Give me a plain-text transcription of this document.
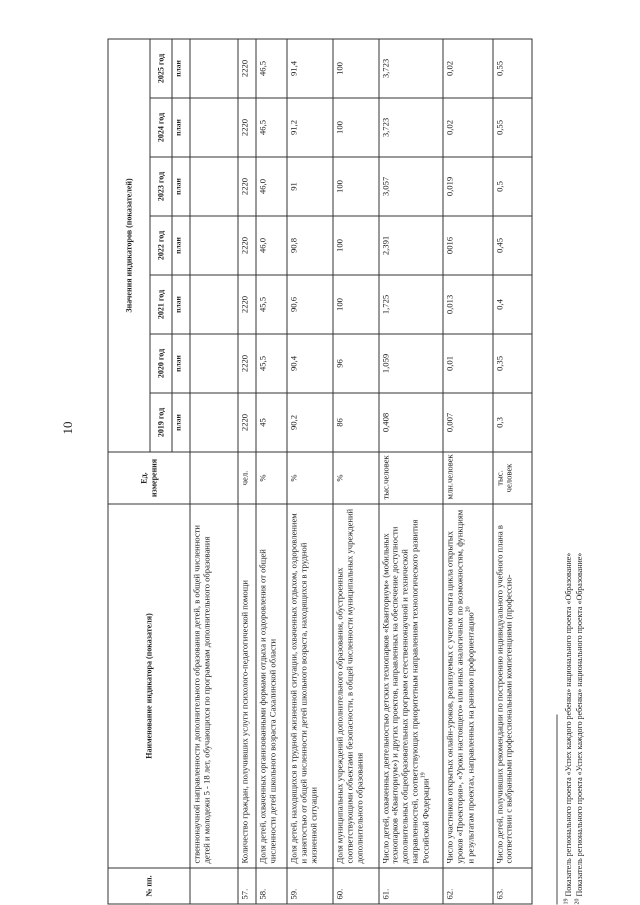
10
№ пп.	Наименование индикатора (показателя)	Ед. измерения	Значения индикаторов (показателей)						
			2019 год	2020 год	2021 год	2022 год	2023 год	2024 год	2025 год
			план	план	план	план	план	план	план
	ственнонаучной направленности дополнительного образования детей, в общей численности детей и молодежи 5 - 18 лет, обучающихся по программам дополнительного образования								
57.	Количество граждан, получивших услуги психолого-педагогической помощи	чел.	2220	2220	2220	2220	2220	2220	2220
58.	Доля детей, охваченных организованными формами отдыха и оздоровления от общей численности детей школьного возраста Сахалинской области	%	45	45,5	45,5	46,0	46,0	46,5	46,5
59.	Доля детей, находящихся в трудной жизненной ситуации, охваченных отдыхом, оздоровлением и занятостью от общей численности детей школьного возраста, находящихся в трудной жизненной ситуации	%	90,2	90,4	90,6	90,8	91	91,2	91,4
60.	Доля муниципальных учреждений дополнительного образования, обустроенных соответствующими объектами безопасности, в общей численности муниципальных учреждений дополнительного образования	%	86	96	100	100	100	100	100
61.	Число детей, охваченных деятельностью детских технопарков «Кванториум» (мобильных технопарков «Кванториум») и других проектов, направленных на обеспечение доступности дополнительных общеобразовательных программ естественнонаучной и технической направленностей, соответствующих приоритетным направлениям технологического развития Российской Федерации$^{19}$	тыс.человек	0,408	1,059	1,725	2,391	3,057	3,723	3,723
62.	Число участников открытых онлайн-уроков, реализуемых с учетом опыта цикла открытых уроков «Проектория», «Уроки настоящего» или иных аналогичных по возможностям, функциям и результатам проектах, направленных на раннюю профориентацию$^{20}$	млн.человек	0,007	0,01	0,013	0016	0,019	0,02	0,02
63.	Число детей, получивших рекомендации по построению индивидуального учебного плана в соответствии с выбранными профессиональными компетенциями (профессио-	тыс. человек	0,3	0,35	0,4	0,45	0,5	0,55	0,55
$^{19}$ Показатель регионального проекта «Успех каждого ребенка» национального проекта «Образование»
$^{20}$ Показатель регионального проекта «Успех каждого ребенка» национального проекта «Образование»
